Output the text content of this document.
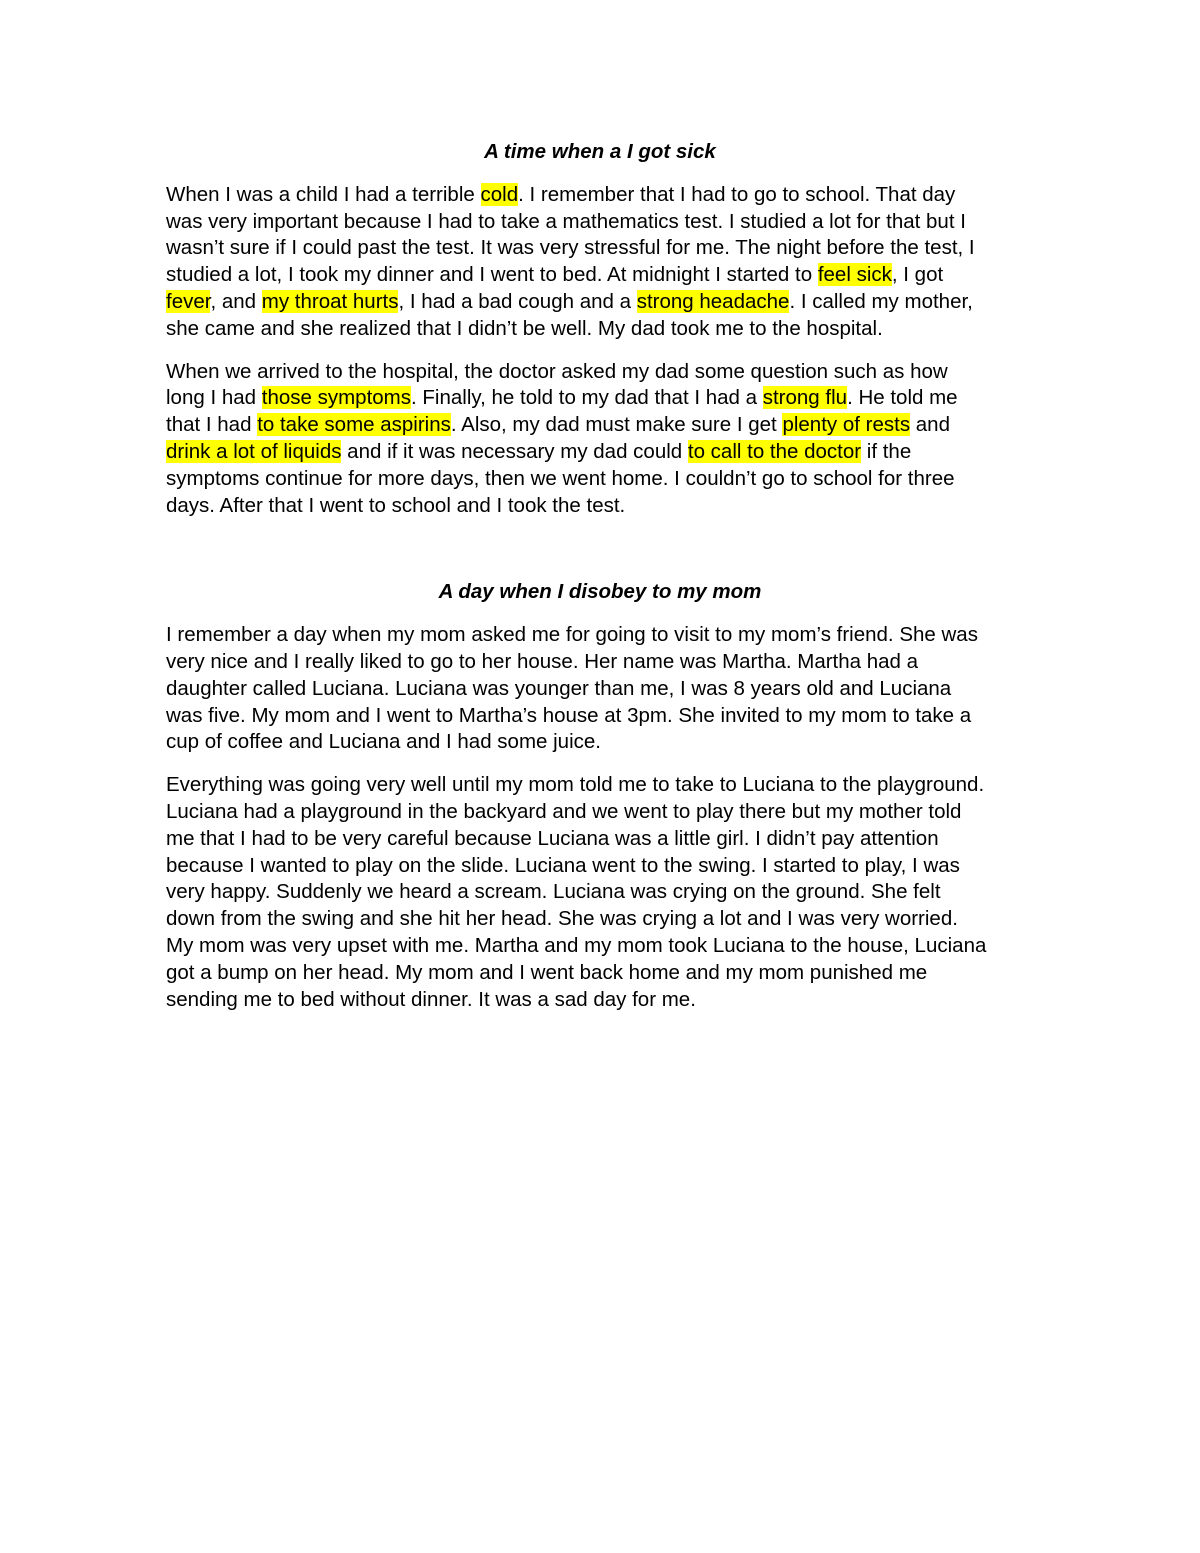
A time when a I got sick
When I was a child I had a terrible cold. I remember that I had to go to school. That day
was very important because I had to take a mathematics test. I studied a lot for that but I
wasn’t sure if I could past the test. It was very stressful for me. The night before the test, I
studied a lot, I took my dinner and I went to bed. At midnight I started to feel sick, I got
fever, and my throat hurts, I had a bad cough and a strong headache. I called my mother,
she came and she realized that I didn’t be well. My dad took me to the hospital.
When we arrived to the hospital, the doctor asked my dad some question such as how
long I had those symptoms. Finally, he told to my dad that I had a strong flu. He told me
that I had to take some aspirins. Also, my dad must make sure I get plenty of rests and
drink a lot of liquids and if it was necessary my dad could to call to the doctor if the
symptoms continue for more days, then we went home. I couldn’t go to school for three
days. After that I went to school and I took the test.
A day when I disobey to my mom
I remember a day when my mom asked me for going to visit to my mom’s friend. She was
very nice and I really liked to go to her house. Her name was Martha. Martha had a
daughter called Luciana. Luciana was younger than me, I was 8 years old and Luciana
was five. My mom and I went to Martha’s house at 3pm. She invited to my mom to take a
cup of coffee and Luciana and I had some juice.
Everything was going very well until my mom told me to take to Luciana to the playground.
Luciana had a playground in the backyard and we went to play there but my mother told
me that I had to be very careful because Luciana was a little girl. I didn’t pay attention
because I wanted to play on the slide. Luciana went to the swing. I started to play, I was
very happy. Suddenly we heard a scream. Luciana was crying on the ground. She felt
down from the swing and she hit her head. She was crying a lot and I was very worried.
My mom was very upset with me. Martha and my mom took Luciana to the house, Luciana
got a bump on her head. My mom and I went back home and my mom punished me
sending me to bed without dinner. It was a sad day for me.
